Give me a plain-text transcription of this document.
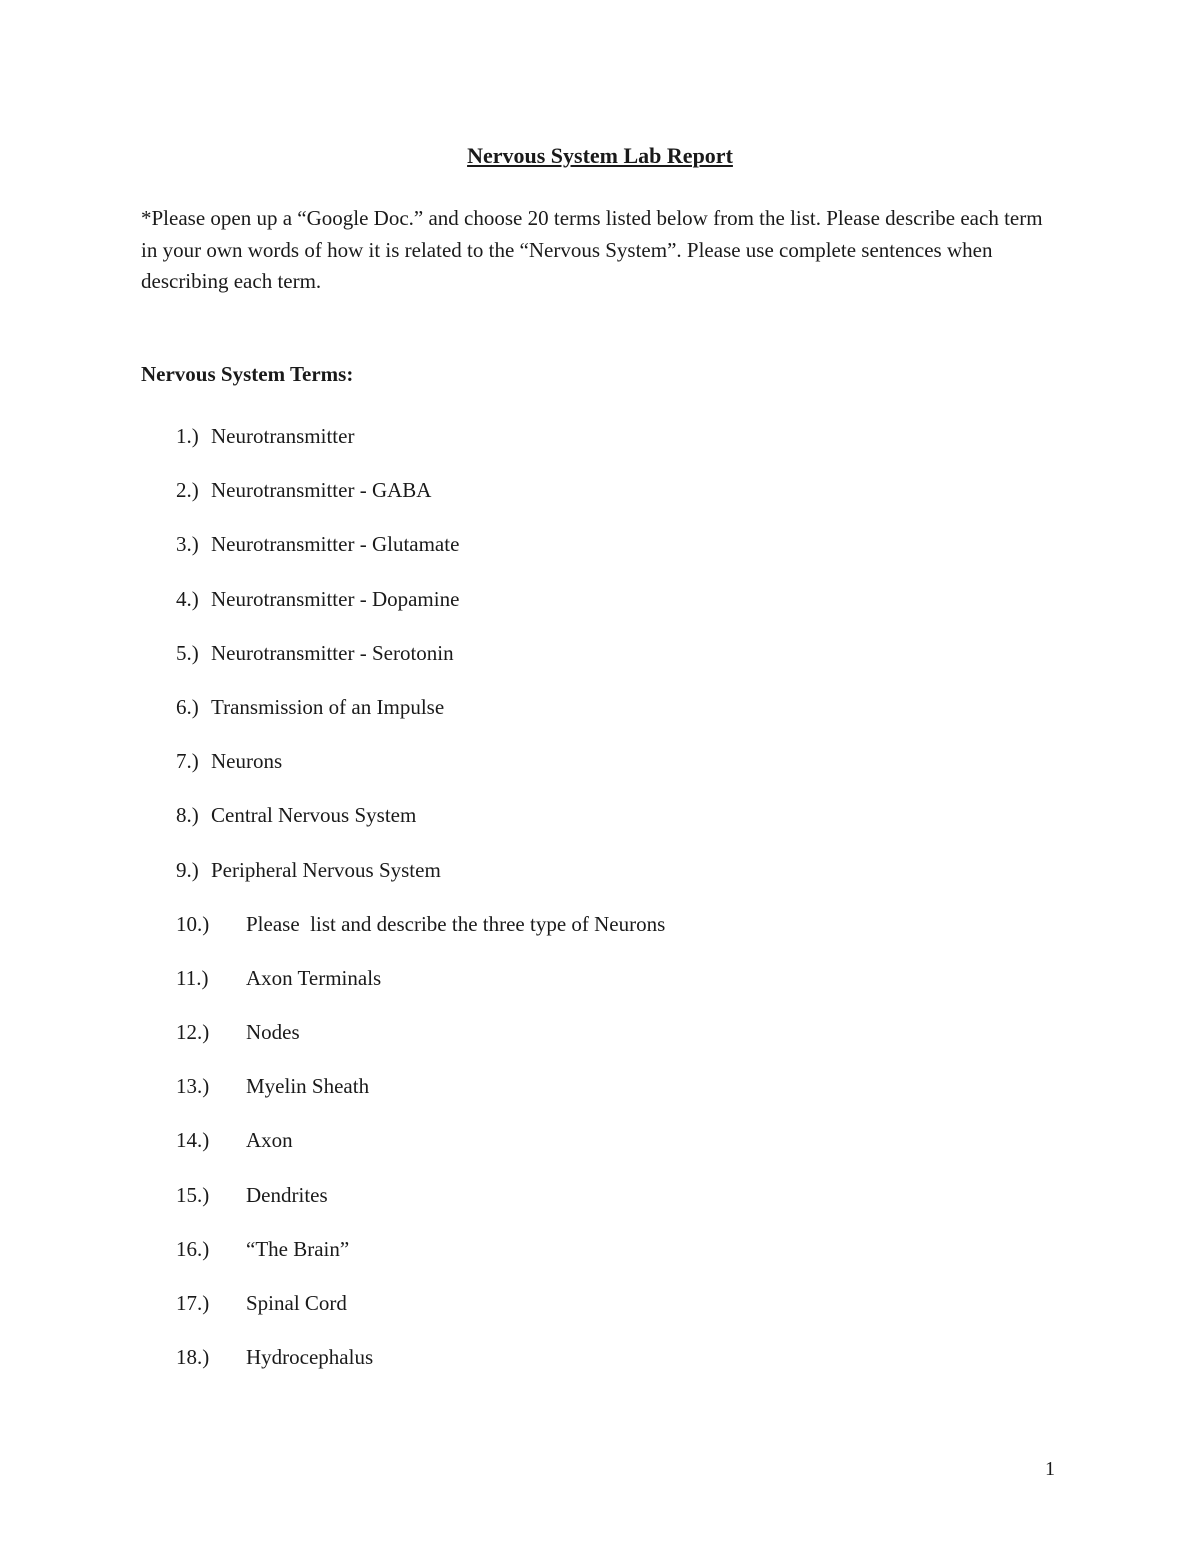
Nervous System Lab Report
*Please open up a “Google Doc.” and choose 20 terms listed below from the list. Please describe each term in your own words of how it is related to the “Nervous System”. Please use complete sentences when describing each term.
Nervous System Terms:
1.) Neurotransmitter
2.) Neurotransmitter - GABA
3.) Neurotransmitter - Glutamate
4.) Neurotransmitter - Dopamine
5.) Neurotransmitter - Serotonin
6.) Transmission of an Impulse
7.) Neurons
8.) Central Nervous System
9.) Peripheral Nervous System
10.) Please  list and describe the three type of Neurons
11.) Axon Terminals
12.) Nodes
13.) Myelin Sheath
14.) Axon
15.) Dendrites
16.) “The Brain”
17.) Spinal Cord
18.) Hydrocephalus
1
